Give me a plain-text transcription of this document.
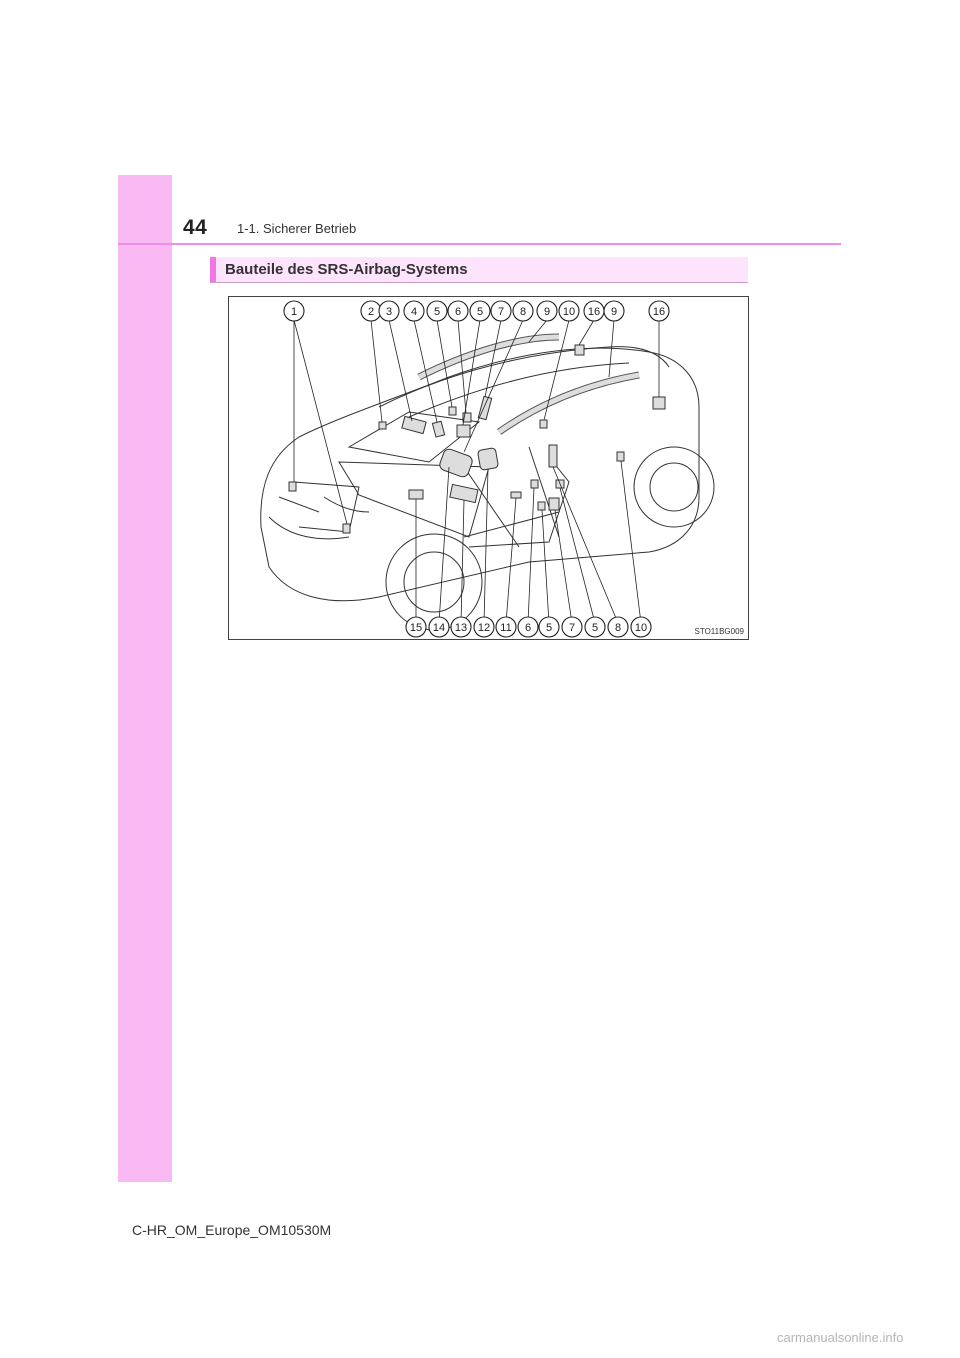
44 1-1. Sicherer Betrieb
Bauteile des SRS-Airbag-Systems
1	2 3 4 5 6 5 7 8 9 10 16 9	16
15 14 13 12 11 6 5 7 5 8 10	STO11BG009
C-HR_OM_Europe_OM10530M
carmanualsonline.info
